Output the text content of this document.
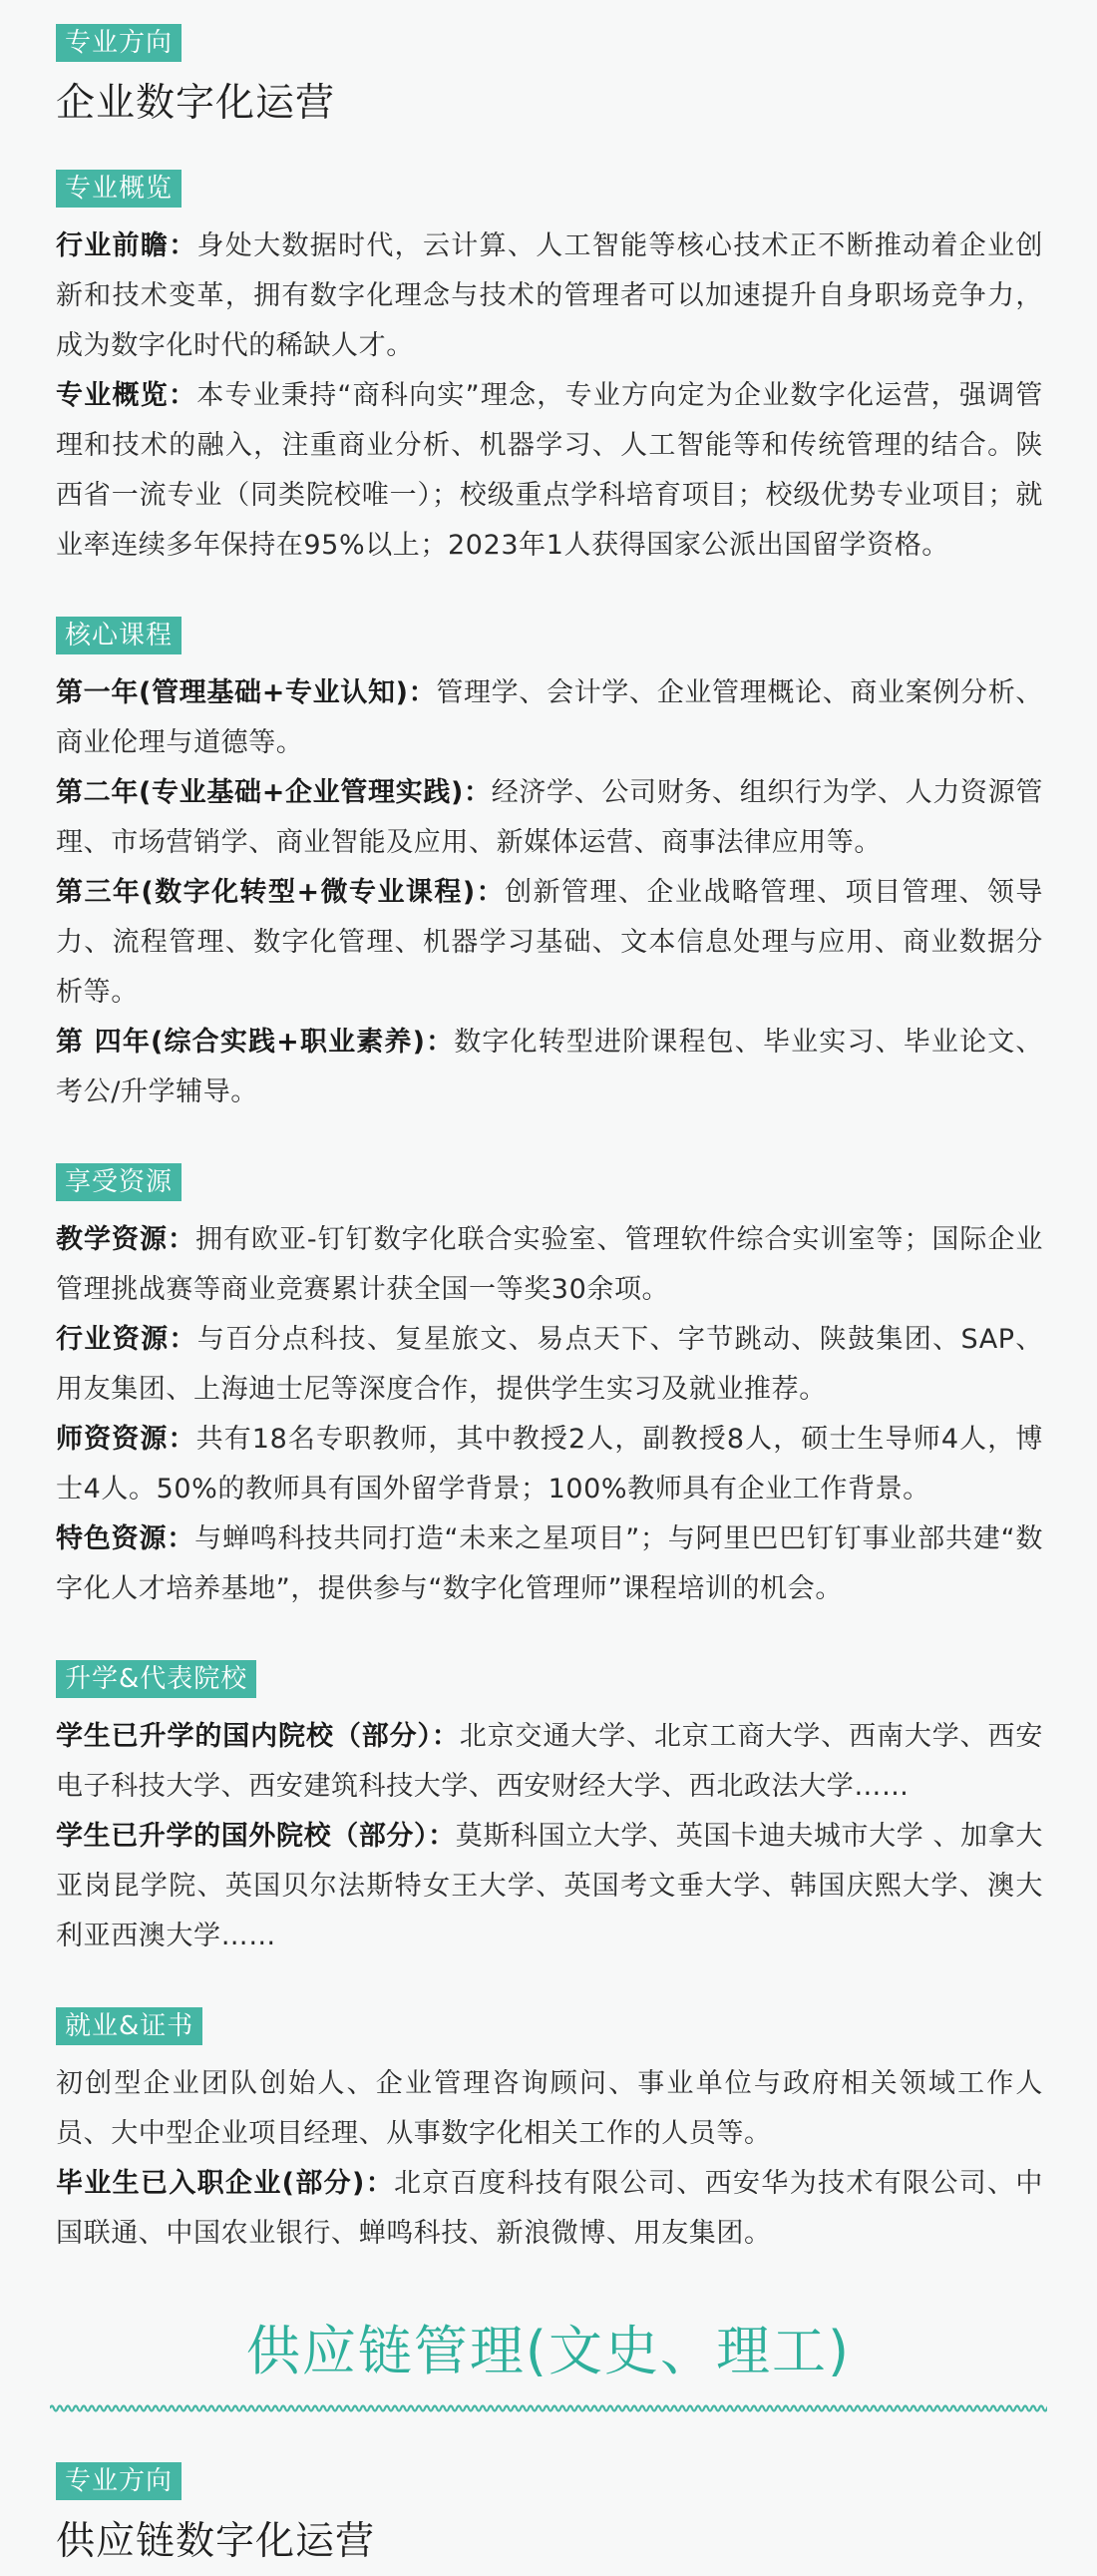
专业方向
企业数字化运营
专业概览

行业前瞻：身处大数据时代，云计算、人工智能等核心技术正不断推动着企业创新和技术变革，拥有数字化理念与技术的管理者可以加速提升自身职场竞争力，成为数字化时代的稀缺人才。

专业概览：本专业秉持“商科向实”理念，专业方向定为企业数字化运营，强调管理和技术的融入，注重商业分析、机器学习、人工智能等和传统管理的结合。陕西省一流专业（同类院校唯一）；校级重点学科培育项目；校级优势专业项目；就业率连续多年保持在95%以上；2023年1人获得国家公派出国留学资格。

核心课程

第一年(管理基础+专业认知)：管理学、会计学、企业管理概论、商业案例分析、商业伦理与道德等。

第二年(专业基础+企业管理实践)：经济学、公司财务、组织行为学、人力资源管理、市场营销学、商业智能及应用、新媒体运营、商事法律应用等。

第三年(数字化转型+微专业课程)：创新管理、企业战略管理、项目管理、领导力、流程管理、数字化管理、机器学习基础、文本信息处理与应用、商业数据分析等。

第 四年(综合实践+职业素养)：数字化转型进阶课程包、毕业实习、毕业论文、考公/升学辅导。

享受资源

教学资源：拥有欧亚-钉钉数字化联合实验室、管理软件综合实训室等；国际企业管理挑战赛等商业竞赛累计获全国一等奖30余项。

行业资源：与百分点科技、复星旅文、易点天下、字节跳动、陕鼓集团、SAP、用友集团、上海迪士尼等深度合作，提供学生实习及就业推荐。

师资资源：共有18名专职教师，其中教授2人，副教授8人，硕士生导师4人，博士4人。50%的教师具有国外留学背景；100%教师具有企业工作背景。

特色资源：与蝉鸣科技共同打造“未来之星项目”；与阿里巴巴钉钉事业部共建“数字化人才培养基地”，提供参与“数字化管理师”课程培训的机会。

升学&代表院校

学生已升学的国内院校（部分）：北京交通大学、北京工商大学、西南大学、西安电子科技大学、西安建筑科技大学、西安财经大学、西北政法大学……

学生已升学的国外院校（部分）：莫斯科国立大学、英国卡迪夫城市大学 、加拿大亚岗昆学院、英国贝尔法斯特女王大学、英国考文垂大学、韩国庆熙大学、澳大利亚西澳大学……

就业&证书

初创型企业团队创始人、企业管理咨询顾问、事业单位与政府相关领域工作人员、大中型企业项目经理、从事数字化相关工作的人员等。

毕业生已入职企业(部分)：北京百度科技有限公司、西安华为技术有限公司、中国联通、中国农业银行、蝉鸣科技、新浪微博、用友集团。

供应链管理(文史、理工)
专业方向
供应链数字化运营
